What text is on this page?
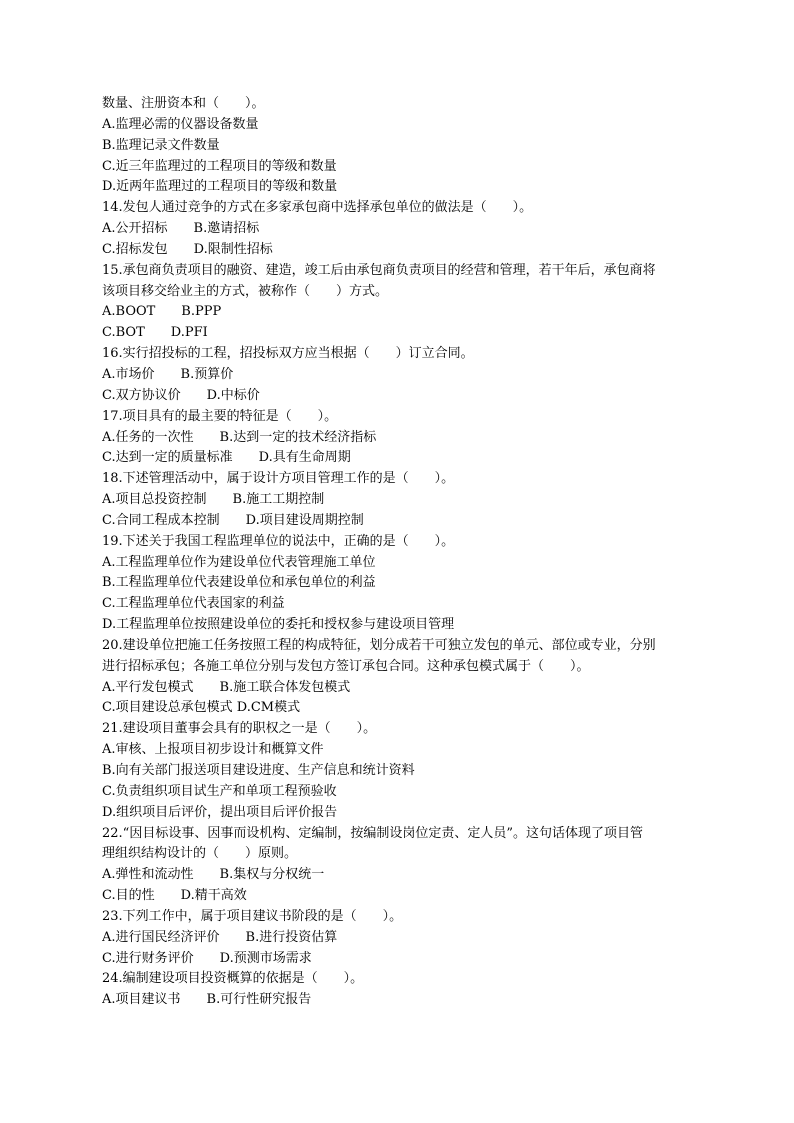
数量、注册资本和（　　）。
A.监理必需的仪器设备数量
B.监理记录文件数量
C.近三年监理过的工程项目的等级和数量
D.近两年监理过的工程项目的等级和数量
14.发包人通过竞争的方式在多家承包商中选择承包单位的做法是（　　）。
A.公开招标　　B.邀请招标
C.招标发包　　D.限制性招标
15.承包商负责项目的融资、建造，竣工后由承包商负责项目的经营和管理，若干年后，承包商将
该项目移交给业主的方式，被称作（　　）方式。
A.BOOT　　B.PPP
C.BOT　　D.PFI
16.实行招投标的工程，招投标双方应当根据（　　）订立合同。
A.市场价　　B.预算价
C.双方协议价　　D.中标价
17.项目具有的最主要的特征是（　　）。
A.任务的一次性　　B.达到一定的技术经济指标
C.达到一定的质量标准　　D.具有生命周期
18.下述管理活动中，属于设计方项目管理工作的是（　　）。
A.项目总投资控制　　B.施工工期控制
C.合同工程成本控制　　D.项目建设周期控制
19.下述关于我国工程监理单位的说法中，正确的是（　　）。
A.工程监理单位作为建设单位代表管理施工单位
B.工程监理单位代表建设单位和承包单位的利益
C.工程监理单位代表国家的利益
D.工程监理单位按照建设单位的委托和授权参与建设项目管理
20.建设单位把施工任务按照工程的构成特征，划分成若干可独立发包的单元、部位或专业，分别
进行招标承包；各施工单位分别与发包方签订承包合同。这种承包模式属于（　　）。
A.平行发包模式　　B.施工联合体发包模式
C.项目建设总承包模式 D.CM模式
21.建设项目董事会具有的职权之一是（　　）。
A.审核、上报项目初步设计和概算文件
B.向有关部门报送项目建设进度、生产信息和统计资料
C.负责组织项目试生产和单项工程预验收
D.组织项目后评价，提出项目后评价报告
22.“因目标设事、因事而设机构、定编制，按编制设岗位定责、定人员”。这句话体现了项目管
理组织结构设计的（　　）原则。
A.弹性和流动性　　B.集权与分权统一
C.目的性　　D.精干高效
23.下列工作中，属于项目建议书阶段的是（　　）。
A.进行国民经济评价　　B.进行投资估算
C.进行财务评价　　D.预测市场需求
24.编制建设项目投资概算的依据是（　　）。
A.项目建议书　　B.可行性研究报告
